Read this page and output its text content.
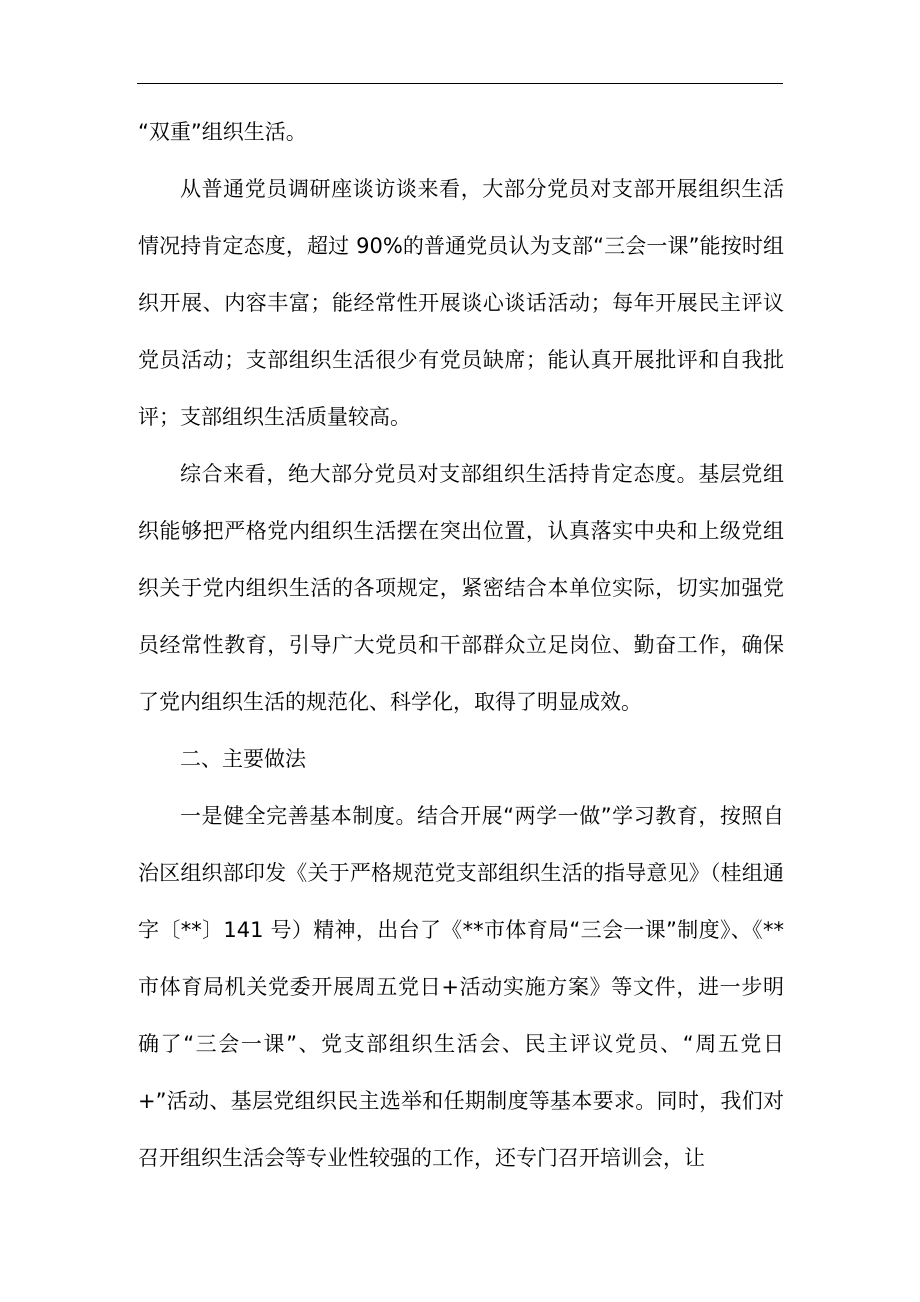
“双重”组织生活。

从普通党员调研座谈访谈来看，大部分党员对支部开展组织生活情况持肯定态度，超过 90%的普通党员认为支部“三会一课”能按时组织开展、内容丰富；能经常性开展谈心谈话活动；每年开展民主评议党员活动；支部组织生活很少有党员缺席；能认真开展批评和自我批评；支部组织生活质量较高。

综合来看，绝大部分党员对支部组织生活持肯定态度。基层党组织能够把严格党内组织生活摆在突出位置，认真落实中央和上级党组织关于党内组织生活的各项规定，紧密结合本单位实际，切实加强党员经常性教育，引导广大党员和干部群众立足岗位、勤奋工作，确保了党内组织生活的规范化、科学化，取得了明显成效。

二、主要做法

一是健全完善基本制度。结合开展“两学一做”学习教育，按照自治区组织部印发《关于严格规范党支部组织生活的指导意见》（桂组通字〔**〕141 号）精神，出台了《**市体育局“三会一课”制度》、《**市体育局机关党委开展周五党日+活动实施方案》等文件，进一步明确了“三会一课”、党支部组织生活会、民主评议党员、“周五党日+”活动、基层党组织民主选举和任期制度等基本要求。同时，我们对召开组织生活会等专业性较强的工作，还专门召开培训会，让
